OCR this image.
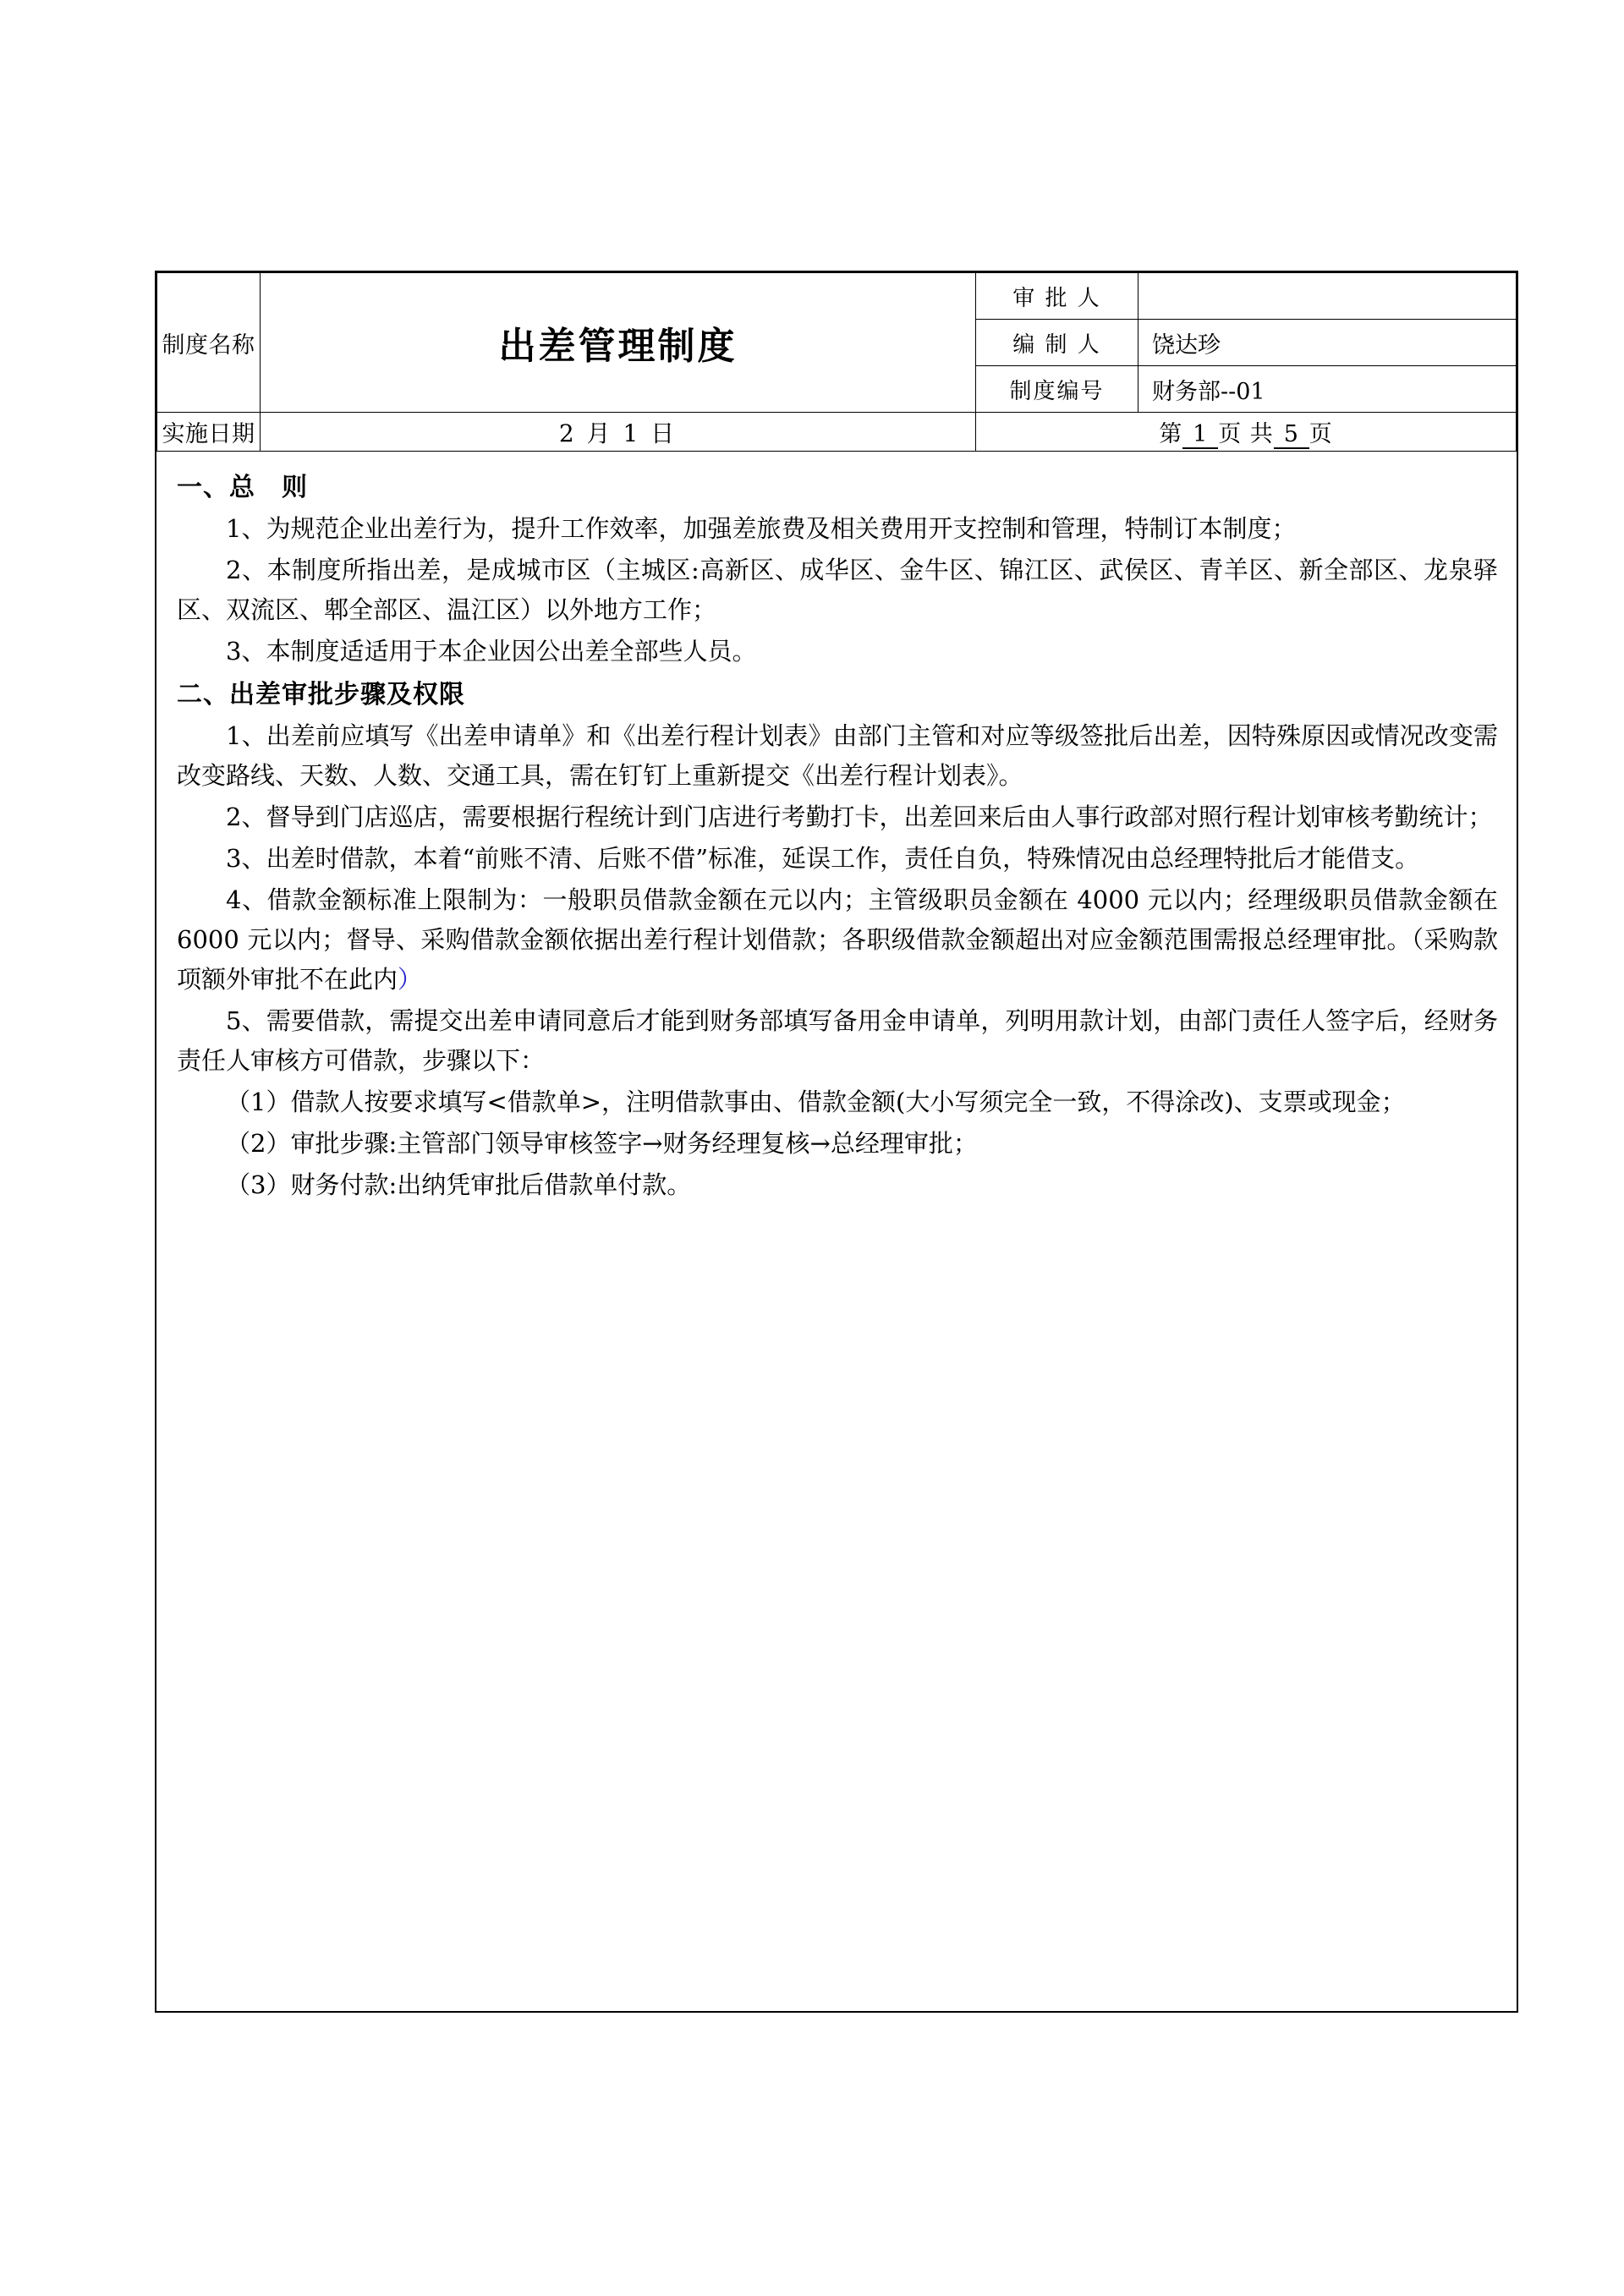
制度名称	出差管理制度	审 批 人	
		编 制 人	饶达珍
		制度编号	财务部--01
实施日期	2 月 1 日	第 1 页 共 5 页	
一、总　则

1、为规范企业出差行为，提升工作效率，加强差旅费及相关费用开支控制和管理，特制订本制度；

2、本制度所指出差，是成城市区（主城区:高新区、成华区、金牛区、锦江区、武侯区、青羊区、新全部区、龙泉驿区、双流区、郫全部区、温江区）以外地方工作；

3、本制度适适用于本企业因公出差全部些人员。

二、出差审批步骤及权限

1、出差前应填写《出差申请单》和《出差行程计划表》由部门主管和对应等级签批后出差，因特殊原因或情况改变需改变路线、天数、人数、交通工具，需在钉钉上重新提交《出差行程计划表》。

2、督导到门店巡店，需要根据行程统计到门店进行考勤打卡，出差回来后由人事行政部对照行程计划审核考勤统计；

3、出差时借款，本着“前账不清、后账不借”标准，延误工作，责任自负，特殊情况由总经理特批后才能借支。

4、借款金额标准上限制为：一般职员借款金额在元以内；主管级职员金额在 4000 元以内；经理级职员借款金额在 6000 元以内；督导、采购借款金额依据出差行程计划借款；各职级借款金额超出对应金额范围需报总经理审批。（采购款项额外审批不在此内）

5、需要借款，需提交出差申请同意后才能到财务部填写备用金申请单，列明用款计划，由部门责任人签字后，经财务责任人审核方可借款，步骤以下：

（1）借款人按要求填写<借款单>，注明借款事由、借款金额(大小写须完全一致，不得涂改)、支票或现金；

（2）审批步骤:主管部门领导审核签字→财务经理复核→总经理审批；

（3）财务付款:出纳凭审批后借款单付款。
